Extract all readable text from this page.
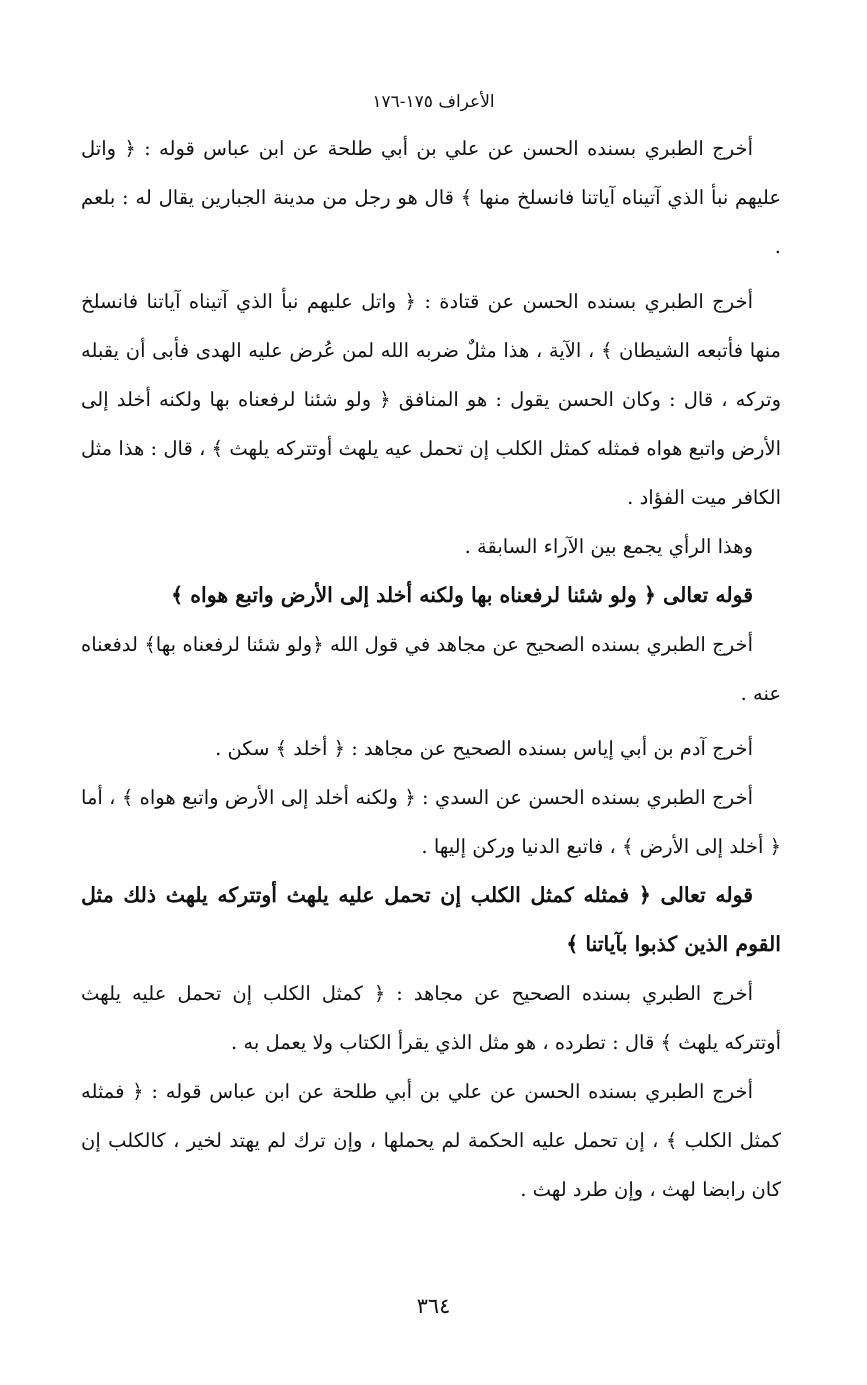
الأعراف ١٧٥-١٧٦

أخرج الطبري بسنده الحسن عن علي بن أبي طلحة عن ابن عباس قوله : ﴿ واتل عليهم نبأ الذي آتيناه آياتنا فانسلخ منها ﴾ قال هو رجل من مدينة الجبارين يقال له : بلعم .

أخرج الطبري بسنده الحسن عن قتادة : ﴿ واتل عليهم نبأ الذي آتيناه آياتنا فانسلخ منها فأتبعه الشيطان ﴾ ، الآية ، هذا مثلٌ ضربه الله لمن عُرض عليه الهدى فأبى أن يقبله وتركه ، قال : وكان الحسن يقول : هو المنافق ﴿ ولو شئنا لرفعناه بها ولكنه أخلد إلى الأرض واتبع هواه فمثله كمثل الكلب إن تحمل عيه يلهث أوتتركه يلهث ﴾ ، قال : هذا مثل الكافر ميت الفؤاد .

وهذا الرأي يجمع بين الآراء السابقة .

قوله تعالى ﴿ ولو شئنا لرفعناه بها ولكنه أخلد إلى الأرض واتبع هواه ﴾

أخرج الطبري بسنده الصحيح عن مجاهد في قول الله ﴿ولو شئنا لرفعناه بها﴾ لدفعناه عنه .

أخرج آدم بن أبي إياس بسنده الصحيح عن مجاهد : ﴿ أخلد ﴾ سكن .

أخرج الطبري بسنده الحسن عن السدي : ﴿ ولكنه أخلد إلى الأرض واتبع هواه ﴾ ، أما ﴿ أخلد إلى الأرض ﴾ ، فاتبع الدنيا وركن إليها .

قوله تعالى ﴿ فمثله كمثل الكلب إن تحمل عليه يلهث أوتتركه يلهث ذلك مثل القوم الذين كذبوا بآياتنا ﴾

أخرج الطبري بسنده الصحيح عن مجاهد : ﴿ كمثل الكلب إن تحمل عليه يلهث أوتتركه يلهث ﴾ قال : تطرده ، هو مثل الذي يقرأ الكتاب ولا يعمل به .

أخرج الطبري بسنده الحسن عن علي بن أبي طلحة عن ابن عباس قوله : ﴿ فمثله كمثل الكلب ﴾ ، إن تحمل عليه الحكمة لم يحملها ، وإن ترك لم يهتد لخير ، كالكلب إن كان رابضا لهث ، وإن طرد لهث .

٣٦٤
